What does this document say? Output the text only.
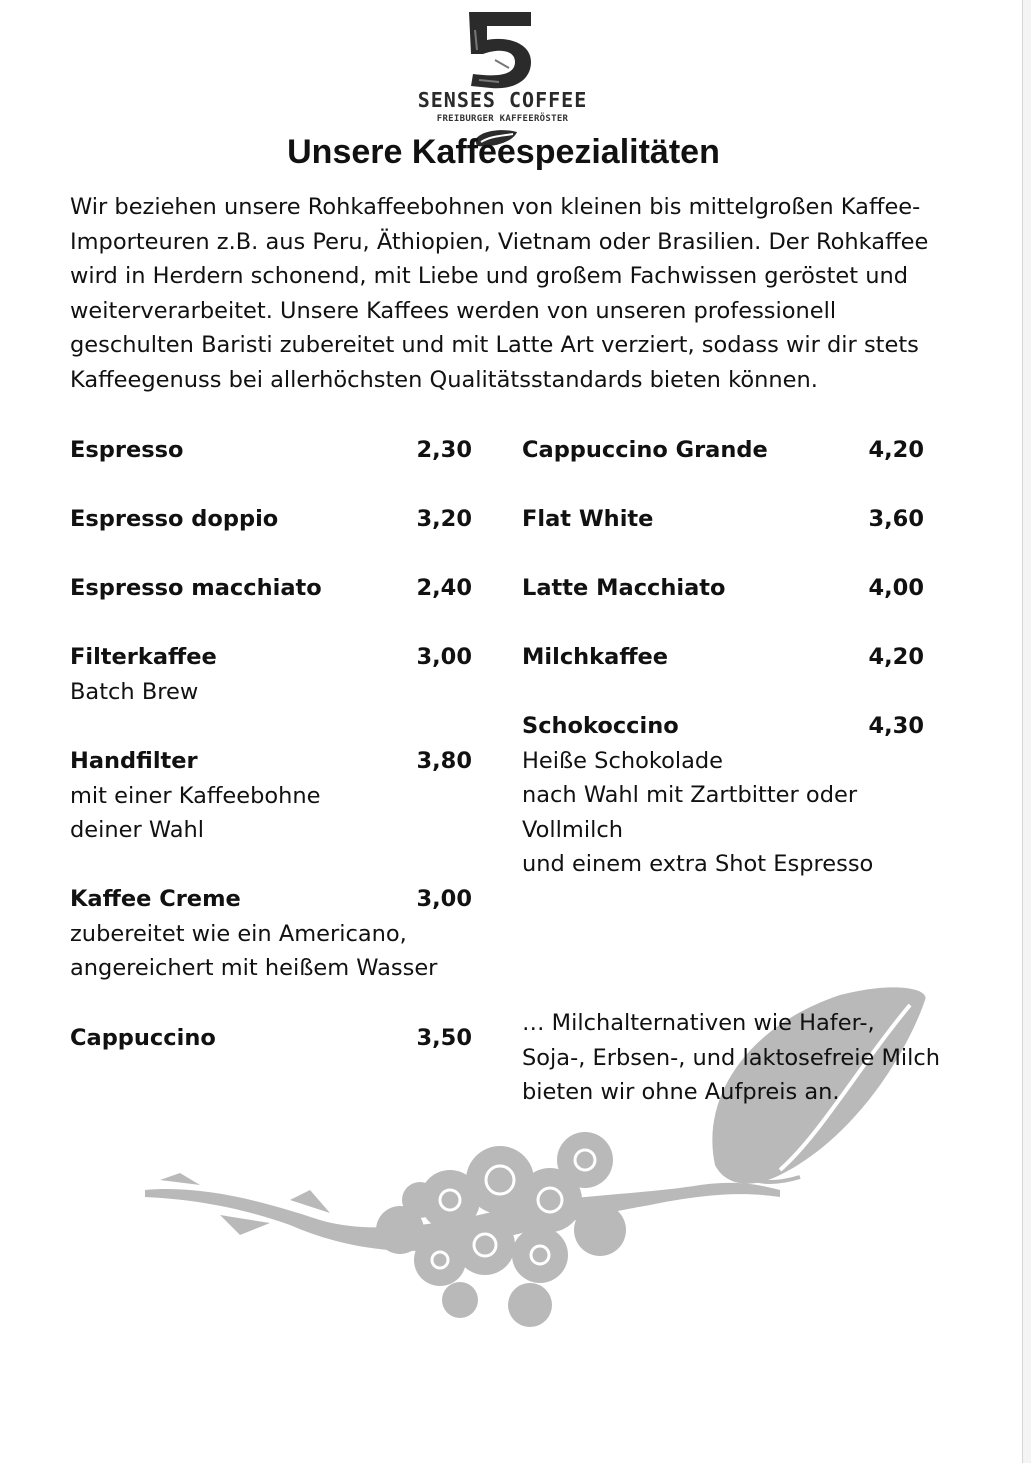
SENSES COFFEE
FREIBURGER KAFFEERÖSTER
Unsere Kaffeespezialitäten

Wir beziehen unsere Rohkaffeebohnen von kleinen bis mittelgroßen Kaffee-
Importeuren z.B. aus Peru, Äthiopien, Vietnam oder Brasilien. Der Rohkaffee
wird in Herdern schonend, mit Liebe und großem Fachwissen geröstet und
weiterverarbeitet. Unsere Kaffees werden von unseren professionell
geschulten Baristi zubereitet und mit Latte Art verziert, sodass wir dir stets
Kaffeegenuss bei allerhöchsten Qualitätsstandards bieten können.

Espresso	2,30
Espresso doppio	3,20
Espresso macchiato	2,40
Filterkaffee	3,00
Batch Brew
Handfilter	3,80
mit einer Kaffeebohne
deiner Wahl
Kaffee Creme	3,00
zubereitet wie ein Americano,
angereichert mit heißem Wasser
Cappuccino	3,50
Cappuccino Grande	4,20
Flat White	3,60
Latte Macchiato	4,00
Milchkaffee	4,20
Schokoccino	4,30
Heiße Schokolade
nach Wahl mit Zartbitter oder
Vollmilch
und einem extra Shot Espresso
… Milchalternativen wie Hafer-,
Soja-, Erbsen-, und laktosefreie Milch
bieten wir ohne Aufpreis an.
